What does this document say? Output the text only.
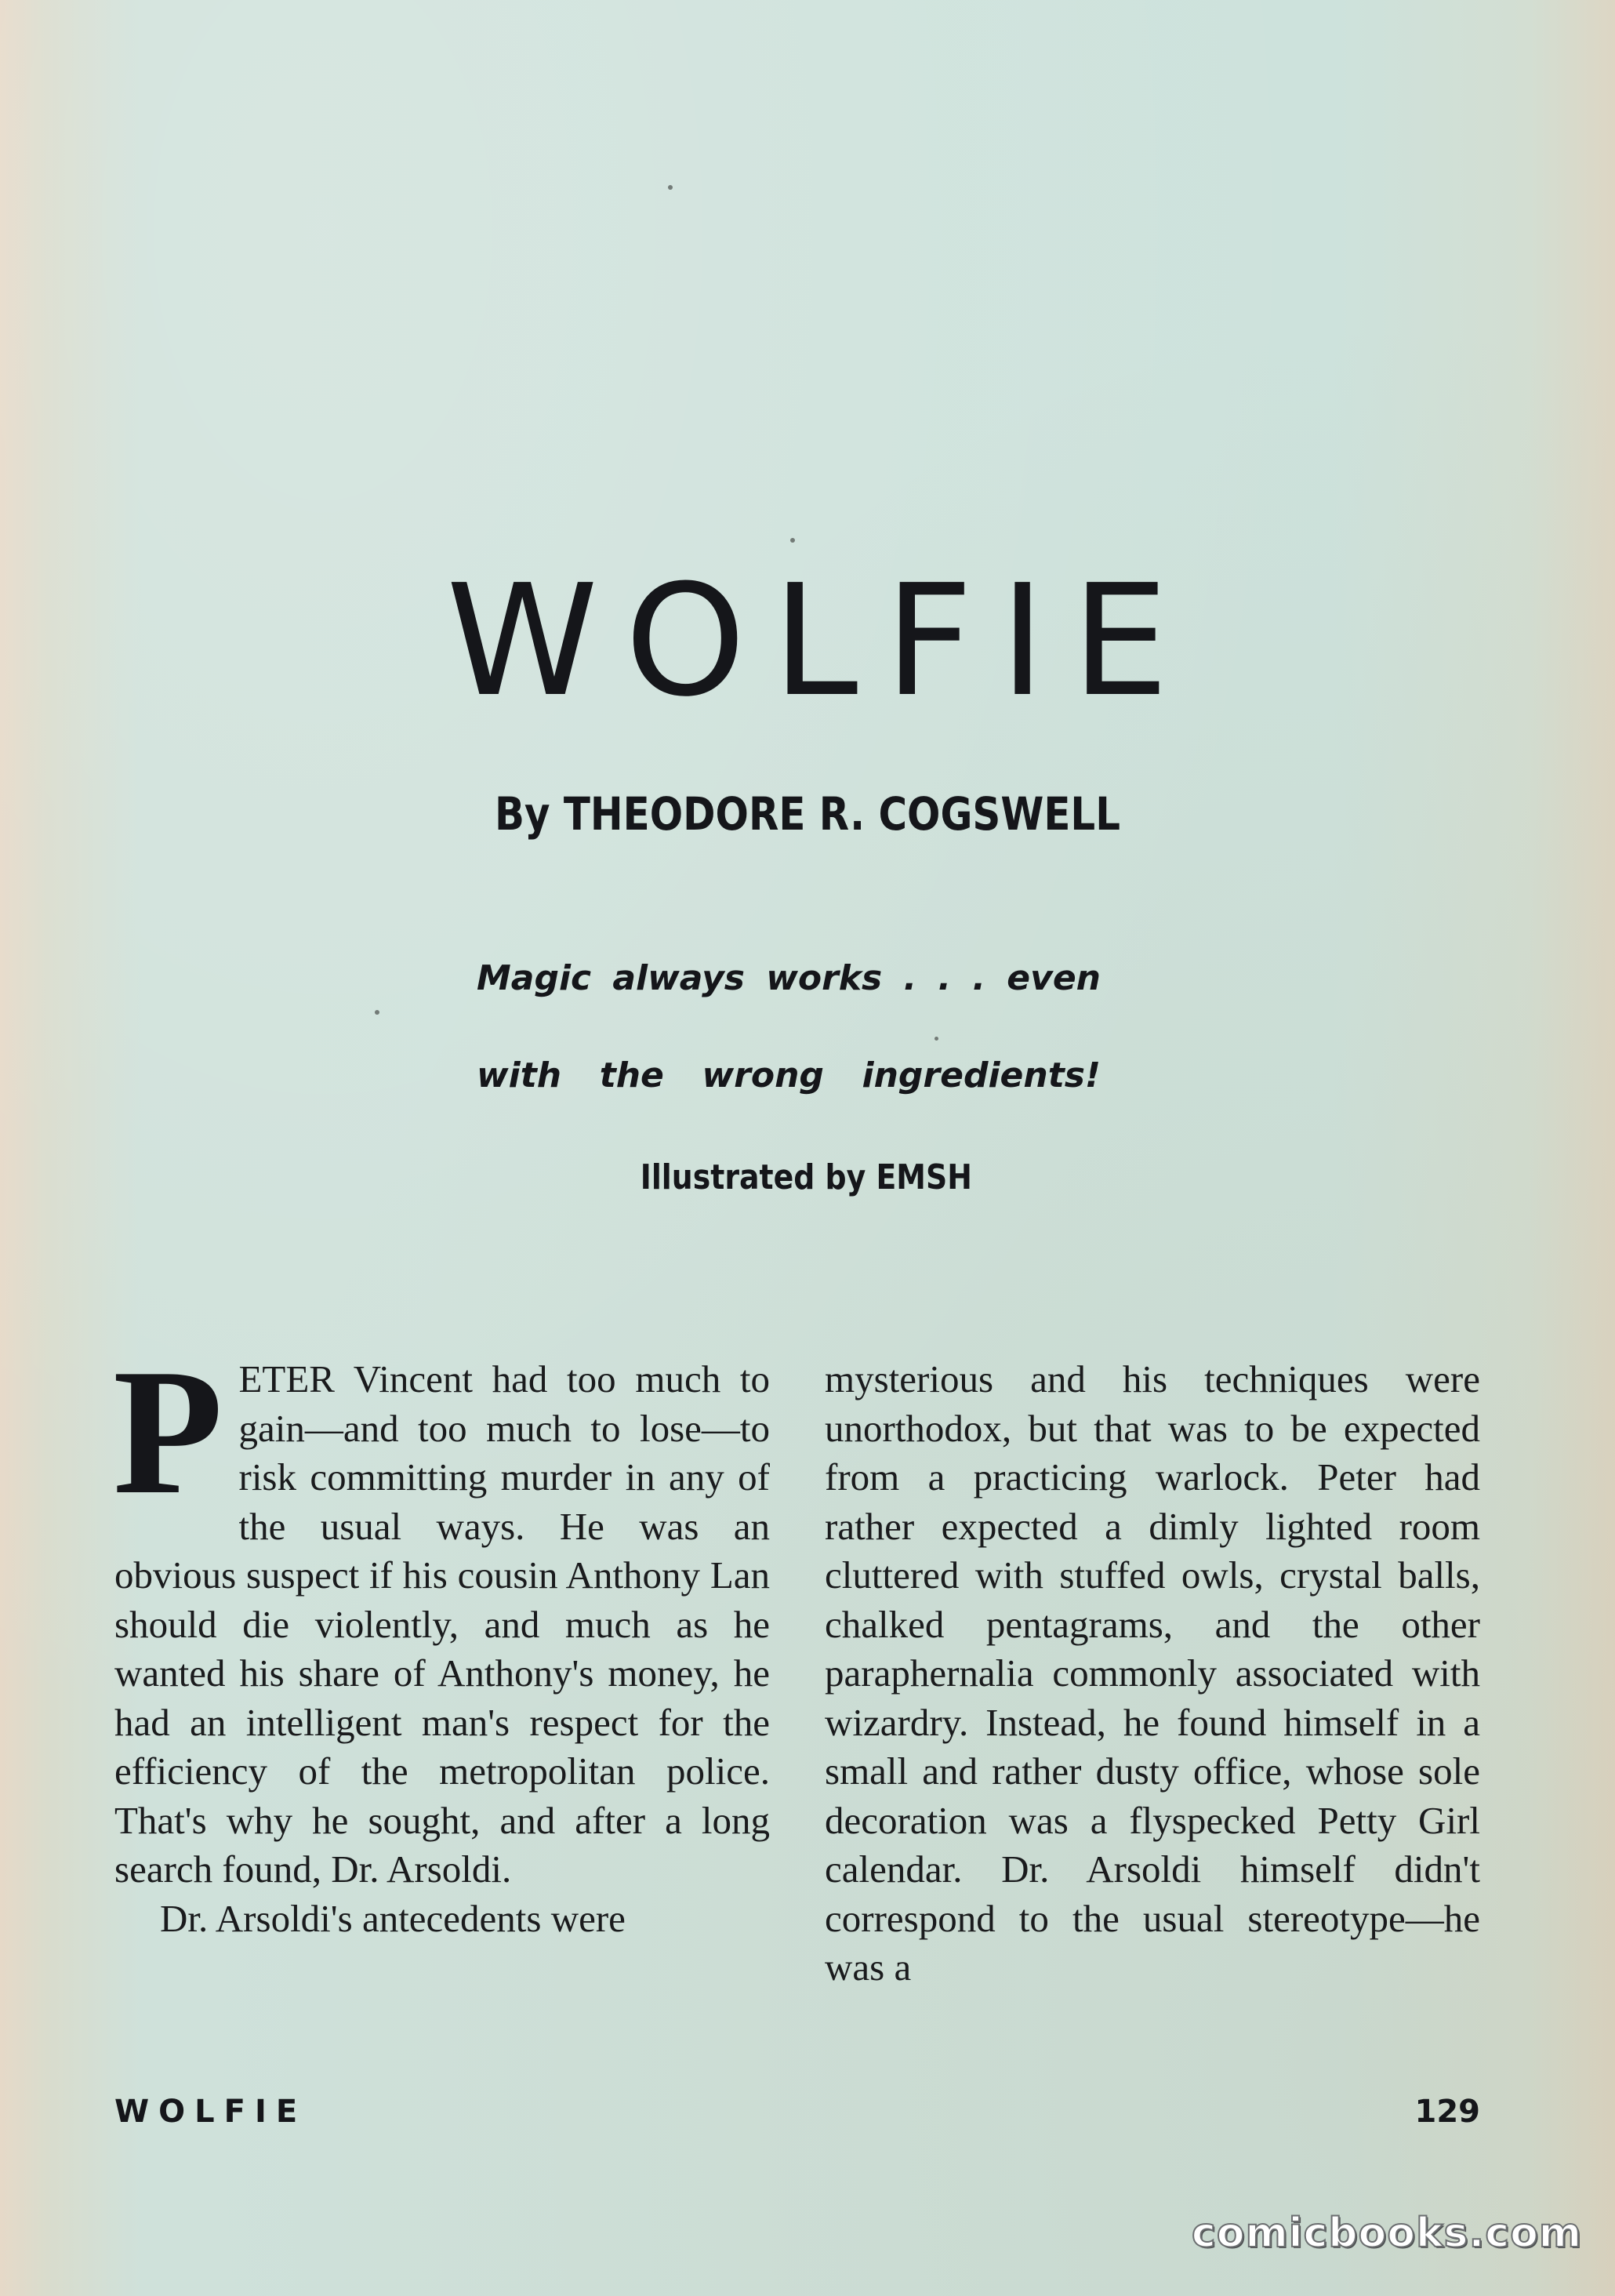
WOLFIE
By THEODORE R. COGSWELL
Magic always works . . . even
with the wrong ingredients!
Illustrated by EMSH

PETER Vincent had too much to gain—and too much to lose—to risk committing murder in any of the usual ways. He was an obvious suspect if his cousin Anthony Lan should die violently, and much as he wanted his share of Anthony's money, he had an intelligent man's respect for the efficiency of the metropolitan police. That's why he sought, and after a long search found, Dr. Arsoldi.

Dr. Arsoldi's antecedents were

mysterious and his techniques were unorthodox, but that was to be expected from a practicing warlock. Peter had rather expected a dimly lighted room cluttered with stuffed owls, crystal balls, chalked pentagrams, and the other paraphernalia commonly associated with wizardry. Instead, he found himself in a small and rather dusty office, whose sole decoration was a flyspecked Petty Girl calendar. Dr. Arsoldi himself didn't correspond to the usual stereotype—he was a

WOLFIE	129
comicbooks.com
